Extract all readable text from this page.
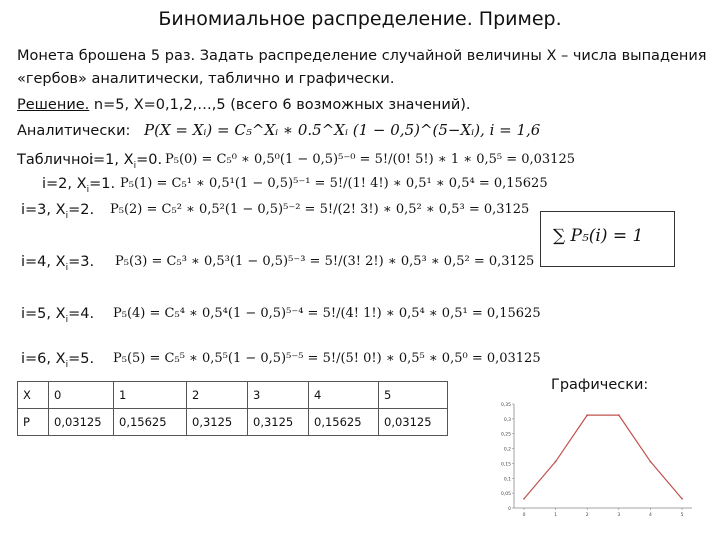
Биномиальное распределение. Пример.
Монета брошена 5 раз. Задать распределение случайной величины Х – числа выпадения
«гербов» аналитически, таблично и графически.
Решение. n=5, X=0,1,2,…,5 (всего 6 возможных значений).
Аналитически: P(X = Xᵢ) = C₅^Xᵢ ∗ 0.5^Xᵢ (1 − 0,5)^(5−Xᵢ), i = 1,6
Таблично:
i=1, $X_i=0$. P₅(0) = C₅⁰ ∗ 0,5⁰(1 − 0,5)⁵⁻⁰ = 5!/(0! 5!) ∗ 1 ∗ 0,5⁵ = 0,03125
i=2, $X_i=1$. P₅(1) = C₅¹ ∗ 0,5¹(1 − 0,5)⁵⁻¹ = 5!/(1! 4!) ∗ 0,5¹ ∗ 0,5⁴ = 0,15625
i=3, $X_i=2$. P₅(2) = C₅² ∗ 0,5²(1 − 0,5)⁵⁻² = 5!/(2! 3!) ∗ 0,5² ∗ 0,5³ = 0,3125
i=4, $X_i=3$. P₅(3) = C₅³ ∗ 0,5³(1 − 0,5)⁵⁻³ = 5!/(3! 2!) ∗ 0,5³ ∗ 0,5² = 0,3125
i=5, $X_i=4$. P₅(4) = C₅⁴ ∗ 0,5⁴(1 − 0,5)⁵⁻⁴ = 5!/(4! 1!) ∗ 0,5⁴ ∗ 0,5¹ = 0,15625
i=6, $X_i=5$. P₅(5) = C₅⁵ ∗ 0,5⁵(1 − 0,5)⁵⁻⁵ = 5!/(5! 0!) ∗ 0,5⁵ ∗ 0,5⁰ = 0,03125
∑ P₅(i) = 1
X	0	1	2	3	4	5
P	0,03125	0,15625	0,3125	0,3125	0,15625	0,03125
Графически:
0
0,05
0,1
0,15
0,2
0,25
0,3
0,35
0	1	2	3	4	5
